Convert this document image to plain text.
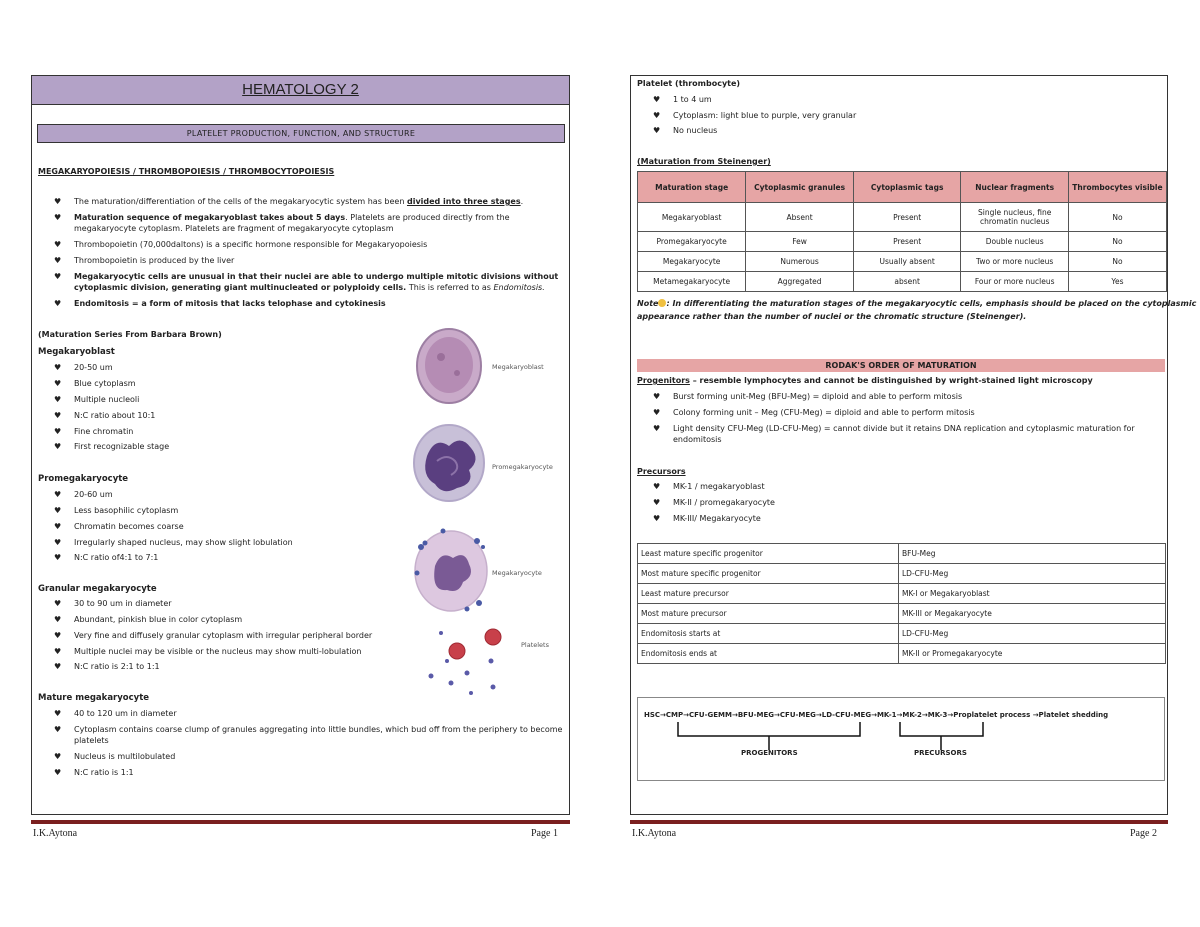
HEMATOLOGY 2
PLATELET PRODUCTION, FUNCTION, AND STRUCTURE
MEGAKARYOPOIESIS / THROMBOPOIESIS / THROMBOCYTOPOIESIS
♥ The maturation/differentiation of the cells of the megakaryocytic system has been divided into three stages.
♥ Maturation sequence of megakaryoblast takes about 5 days. Platelets are produced directly from the
megakaryocyte cytoplasm. Platelets are fragment of megakaryocyte cytoplasm
♥ Thrombopoietin (70,000daltons) is a specific hormone responsible for Megakaryopoiesis
♥ Thrombopoietin is produced by the liver
♥ Megakaryocytic cells are unusual in that their nuclei are able to undergo multiple mitotic divisions without
cytoplasmic division, generating giant multinucleated or polyploidy cells. This is referred to as Endomitosis.
♥ Endomitosis = a form of mitosis that lacks telophase and cytokinesis
(Maturation Series From Barbara Brown)
Megakaryoblast
♥ 20-50 um
♥ Blue cytoplasm
♥ Multiple nucleoli
♥ N:C ratio about 10:1
♥ Fine chromatin
♥ First recognizable stage
Promegakaryocyte
♥ 20-60 um
♥ Less basophilic cytoplasm
♥ Chromatin becomes coarse
♥ Irregularly shaped nucleus, may show slight lobulation
♥ N:C ratio of4:1 to 7:1
Granular megakaryocyte
♥ 30 to 90 um in diameter
♥ Abundant, pinkish blue in color cytoplasm
♥ Very fine and diffusely granular cytoplasm with irregular peripheral border
♥ Multiple nuclei may be visible or the nucleus may show multi-lobulation
♥ N:C ratio is 2:1 to 1:1
Mature megakaryocyte
♥ 40 to 120 um in diameter
♥ Cytoplasm contains coarse clump of granules aggregating into little bundles, which bud off from the periphery to become
platelets
♥ Nucleus is multilobulated
♥ N:C ratio is 1:1
Megakaryoblast
Promegakaryocyte
Megakaryocyte
Platelets
I.K.Aytona	Page 1
Platelet (thrombocyte)
♥ 1 to 4 um
♥ Cytoplasm: light blue to purple, very granular
♥ No nucleus
(Maturation from Steinenger)
Maturation stage	Cytoplasmic granules	Cytoplasmic tags	Nuclear fragments	Thrombocytes visible
Megakaryoblast	Absent	Present	Single nucleus, fine chromatin nucleus	No
Promegakaryocyte	Few	Present	Double nucleus	No
Megakaryocyte	Numerous	Usually absent	Two or more nucleus	No
Metamegakaryocyte	Aggregated	absent	Four or more nucleus	Yes
Note : In differentiating the maturation stages of the megakaryocytic cells, emphasis should be placed on the cytoplasmic
appearance rather than the number of nuclei or the chromatic structure (Steinenger).
RODAK'S ORDER OF MATURATION
Progenitors – resemble lymphocytes and cannot be distinguished by wright-stained light microscopy
♥ Burst forming unit-Meg (BFU-Meg) = diploid and able to perform mitosis
♥ Colony forming unit – Meg (CFU-Meg) = diploid and able to perform mitosis
♥ Light density CFU-Meg (LD-CFU-Meg) = cannot divide but it retains DNA replication and cytoplasmic maturation for
endomitosis
Precursors
♥ MK-1 / megakaryoblast
♥ MK-II / promegakaryocyte
♥ MK-III/ Megakaryocyte
Least mature specific progenitor	BFU-Meg
Most mature specific progenitor	LD-CFU-Meg
Least mature precursor	MK-I or Megakaryoblast
Most mature precursor	MK-III or Megakaryocyte
Endomitosis starts at	LD-CFU-Meg
Endomitosis ends at	MK-II or Promegakaryocyte
HSC→CMP→CFU-GEMM→BFU-MEG→CFU-MEG→LD-CFU-MEG→MK-1→MK-2→MK-3→Proplatelet process →Platelet shedding
PROGENITORS	PRECURSORS
I.K.Aytona	Page 2
